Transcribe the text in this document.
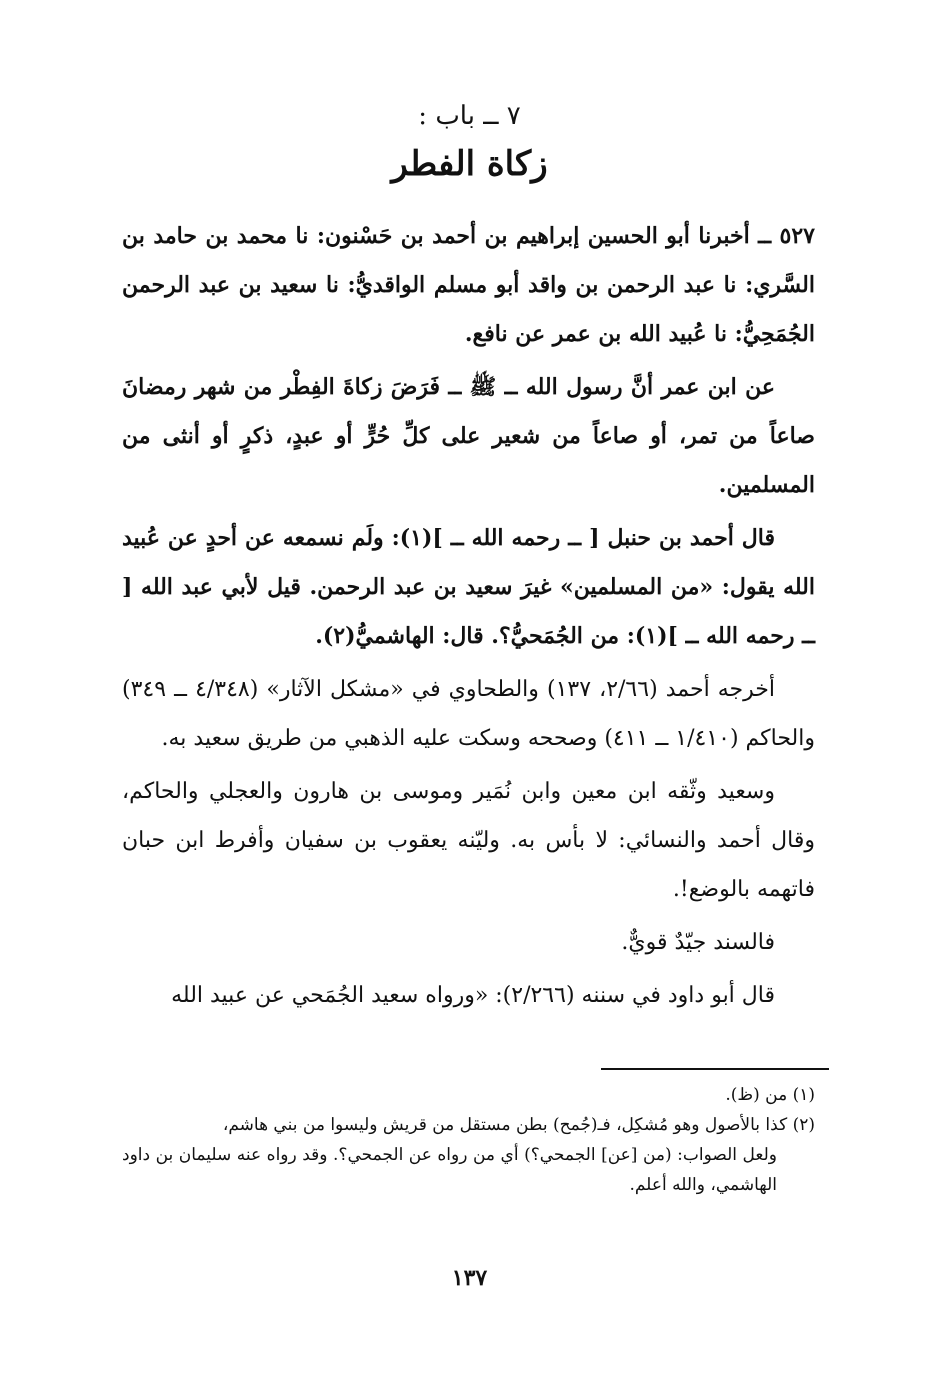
٧ ــ باب :
زكاة الفطر

٥٢٧ ــ أخبرنا أبو الحسين إبراهيم بن أحمد بن حَسْنون: نا محمد بن حامد بن السَّري: نا عبد الرحمن بن واقد أبو مسلم الواقديُّ: نا سعيد بن عبد الرحمن الجُمَحِيُّ: نا عُبيد الله بن عمر عن نافع.

عن ابن عمر أنَّ رسول الله ــ ﷺ ــ فَرَضَ زكاةَ الفِطْر من شهر رمضانَ صاعاً من تمر، أو صاعاً من شعير على كلِّ حُرٍّ أو عبدٍ، ذكرٍ أو أنثى من المسلمين.

قال أحمد بن حنبل [ ــ رحمه الله ــ ](١): ولَم نسمعه عن أحدٍ عن عُبيد الله يقول: «من المسلمين» غيرَ سعيد بن عبد الرحمن. قيل لأبي عبد الله [ ــ رحمه الله ــ ](١): من الجُمَحيُّ؟. قال: الهاشميُّ(٢).

أخرجه أحمد (٢/٦٦، ١٣٧) والطحاوي في «مشكل الآثار» (٤/٣٤٨ ــ ٣٤٩) والحاكم (١/٤١٠ ــ ٤١١) وصححه وسكت عليه الذهبي من طريق سعيد به.

وسعيد وثّقه ابن معين وابن نُمَير وموسى بن هارون والعجلي والحاكم، وقال أحمد والنسائي: لا بأس به. وليّنه يعقوب بن سفيان وأفرط ابن حبان فاتهمه بالوضع!.

فالسند جيّدٌ قويٌّ.

قال أبو داود في سننه (٢/٢٦٦): «ورواه سعيد الجُمَحي عن عبيد الله

(١) من (ظ).

(٢) كذا بالأصول وهو مُشكِل، فـ(جُمح) بطن مستقل من قريش وليسوا من بني هاشم،

ولعل الصواب: (من [عن] الجمحي؟) أي من رواه عن الجمحي؟. وقد رواه عنه سليمان بن داود الهاشمي، والله أعلم.

١٣٧
